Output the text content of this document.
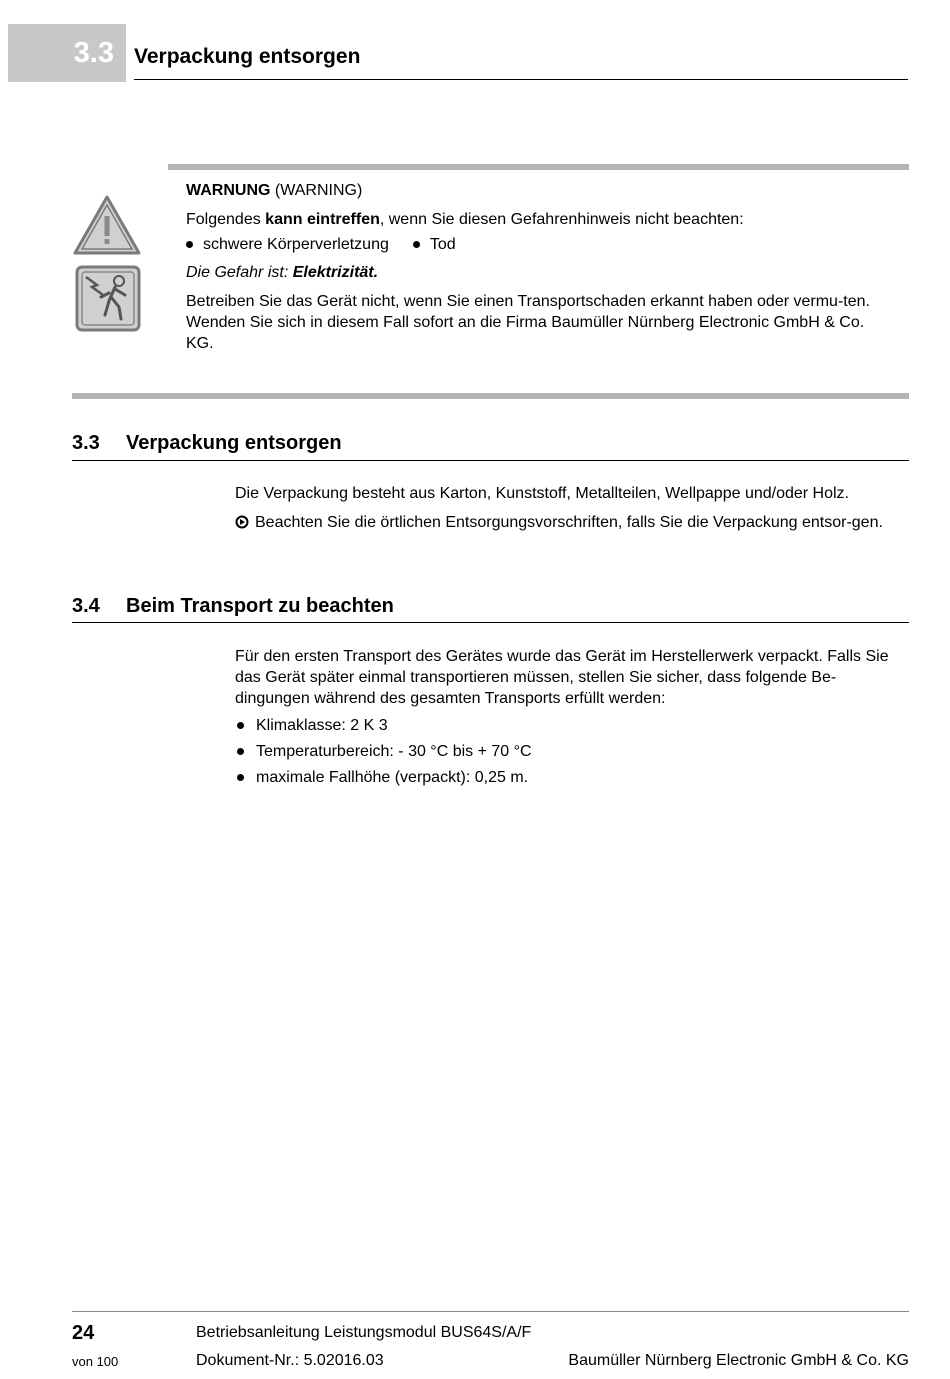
3.3 Verpackung entsorgen

WARNUNG (WARNING)

Folgendes kann eintreffen, wenn Sie diesen Gefahrenhinweis nicht beachten:

schwere Körperverletzung	Tod

Die Gefahr ist: Elektrizität.

Betreiben Sie das Gerät nicht, wenn Sie einen Transportschaden erkannt haben oder vermu-ten.

Wenden Sie sich in diesem Fall sofort an die Firma Baumüller Nürnberg Electronic GmbH & Co. KG.

3.3 Verpackung entsorgen

Die Verpackung besteht aus Karton, Kunststoff, Metallteilen, Wellpappe und/oder Holz.

Beachten Sie die örtlichen Entsorgungsvorschriften, falls Sie die Verpackung entsor-gen.
3.4 Beim Transport zu beachten

Für den ersten Transport des Gerätes wurde das Gerät im Herstellerwerk verpackt. Falls Sie das Gerät später einmal transportieren müssen, stellen Sie sicher, dass folgende Be-dingungen während des gesamten Transports erfüllt werden:

Klimaklasse: 2 K 3
Temperaturbereich: - 30 °C bis + 70 °C
maximale Fallhöhe (verpackt): 0,25 m.
24
von 100
Betriebsanleitung Leistungsmodul BUS64S/A/F
Dokument-Nr.: 5.02016.03	Baumüller Nürnberg Electronic GmbH & Co. KG
